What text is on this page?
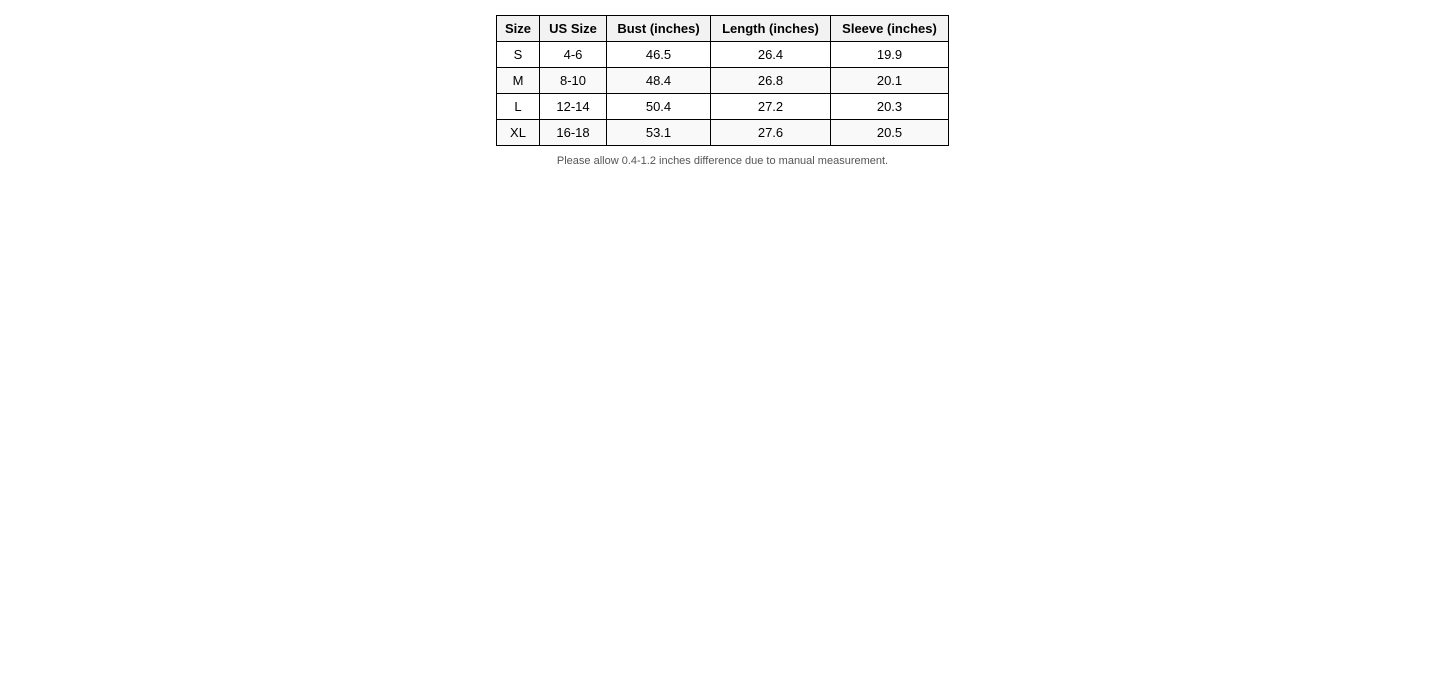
Size	US Size	Bust (inches)	Length (inches)	Sleeve (inches)
S	4-6	46.5	26.4	19.9
M	8-10	48.4	26.8	20.1
L	12-14	50.4	27.2	20.3
XL	16-18	53.1	27.6	20.5
Please allow 0.4-1.2 inches difference due to manual measurement.
